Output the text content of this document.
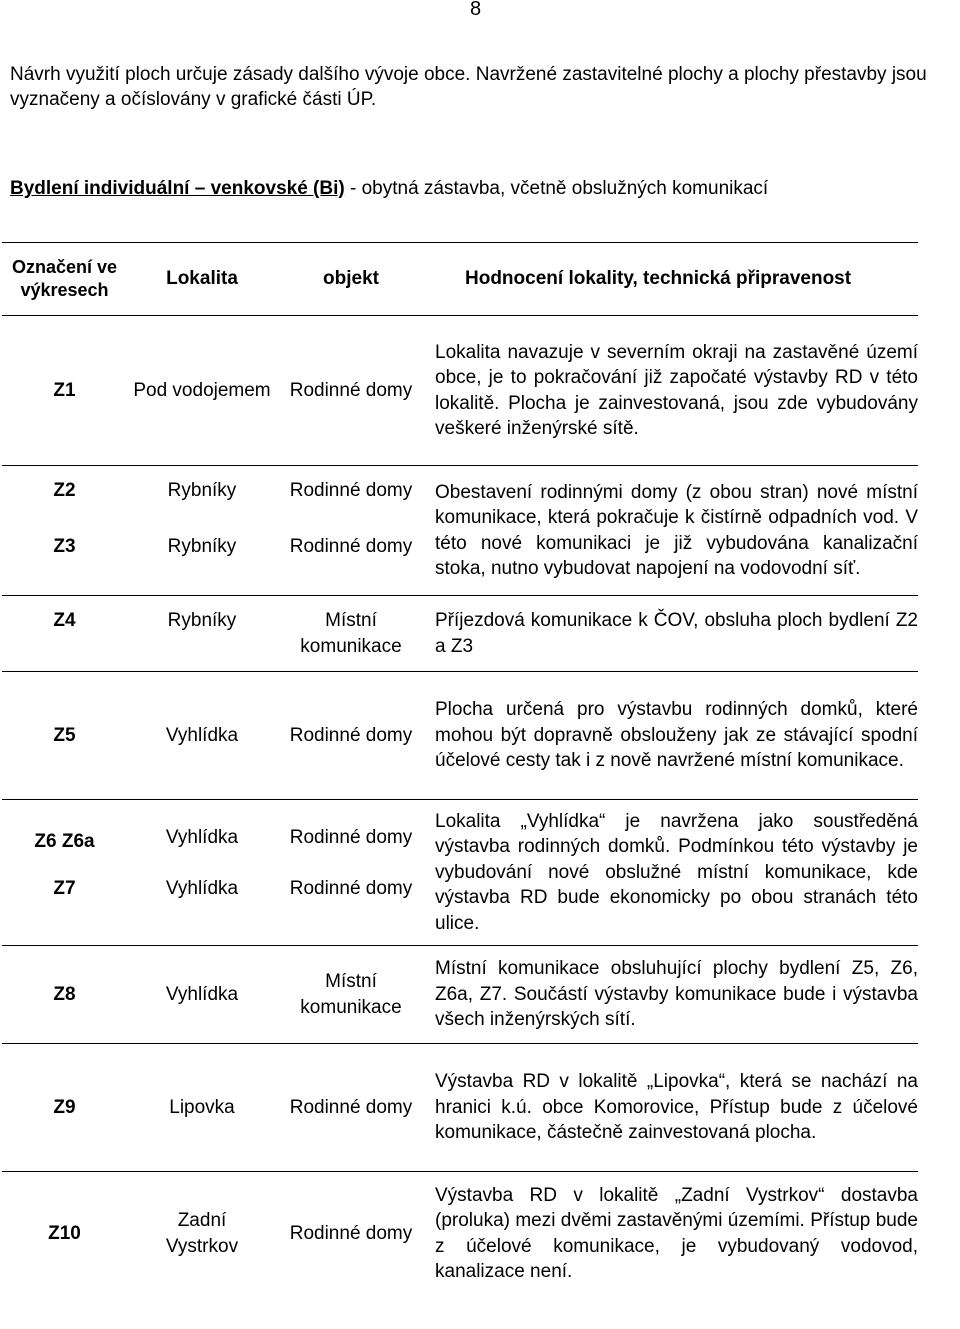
8
Návrh využití ploch určuje zásady dalšího vývoje obce. Navržené zastavitelné plochy a plochy přestavby jsou vyznačeny a očíslovány v grafické části ÚP.
Bydlení individuální – venkovské (Bi) - obytná zástavba, včetně obslužných komunikací
Označení ve výkresech	Lokalita	objekt	Hodnocení lokality, technická připravenost
Z1	Pod vodojemem	Rodinné domy	Lokalita navazuje v severním okraji na zastavěné území obce, je to pokračování již započaté výstavby RD v této lokalitě. Plocha je zainvestovaná, jsou zde vybudovány veškeré inženýrské sítě.

Z2	Rybníky	Rodinné domy	Obestavení rodinnými domy (z obou stran) nové místní komunikace, která pokračuje k čistírně odpadních vod. V této nové komunikaci je již vybudována kanalizační stoka, nutno vybudovat napojení na vodovodní síť.

Z3	Rybníky	Rodinné domy	
Z4	Rybníky	Místní komunikace	Příjezdová komunikace k ČOV, obsluha ploch bydlení Z2 a Z3

Z5	Vyhlídka	Rodinné domy	Plocha určená pro výstavbu rodinných domků, které mohou být dopravně obslouženy jak ze stávající spodní účelové cesty tak i z nově navržené místní komunikace.

Z6 Z6a	Vyhlídka	Rodinné domy	Lokalita „Vyhlídka“ je navržena jako soustředěná výstavba rodinných domků. Podmínkou této výstavby je vybudování nové obslužné místní komunikace, kde výstavba RD bude ekonomicky po obou stranách této ulice.

Z7	Vyhlídka	Rodinné domy	
Z8	Vyhlídka	Místní komunikace	Místní komunikace obsluhující plochy bydlení Z5, Z6, Z6a, Z7. Součástí výstavby komunikace bude i výstavba všech inženýrských sítí.

Z9	Lipovka	Rodinné domy	Výstavba RD v lokalitě „Lipovka“, která se nachází na hranici k.ú. obce Komorovice, Přístup bude z účelové komunikace, částečně zainvestovaná plocha.

Z10	Zadní Vystrkov	Rodinné domy	Výstavba RD v lokalitě „Zadní Vystrkov“ dostavba (proluka) mezi dvěmi zastavěnými územími. Přístup bude z účelové komunikace, je vybudovaný vodovod, kanalizace není.
